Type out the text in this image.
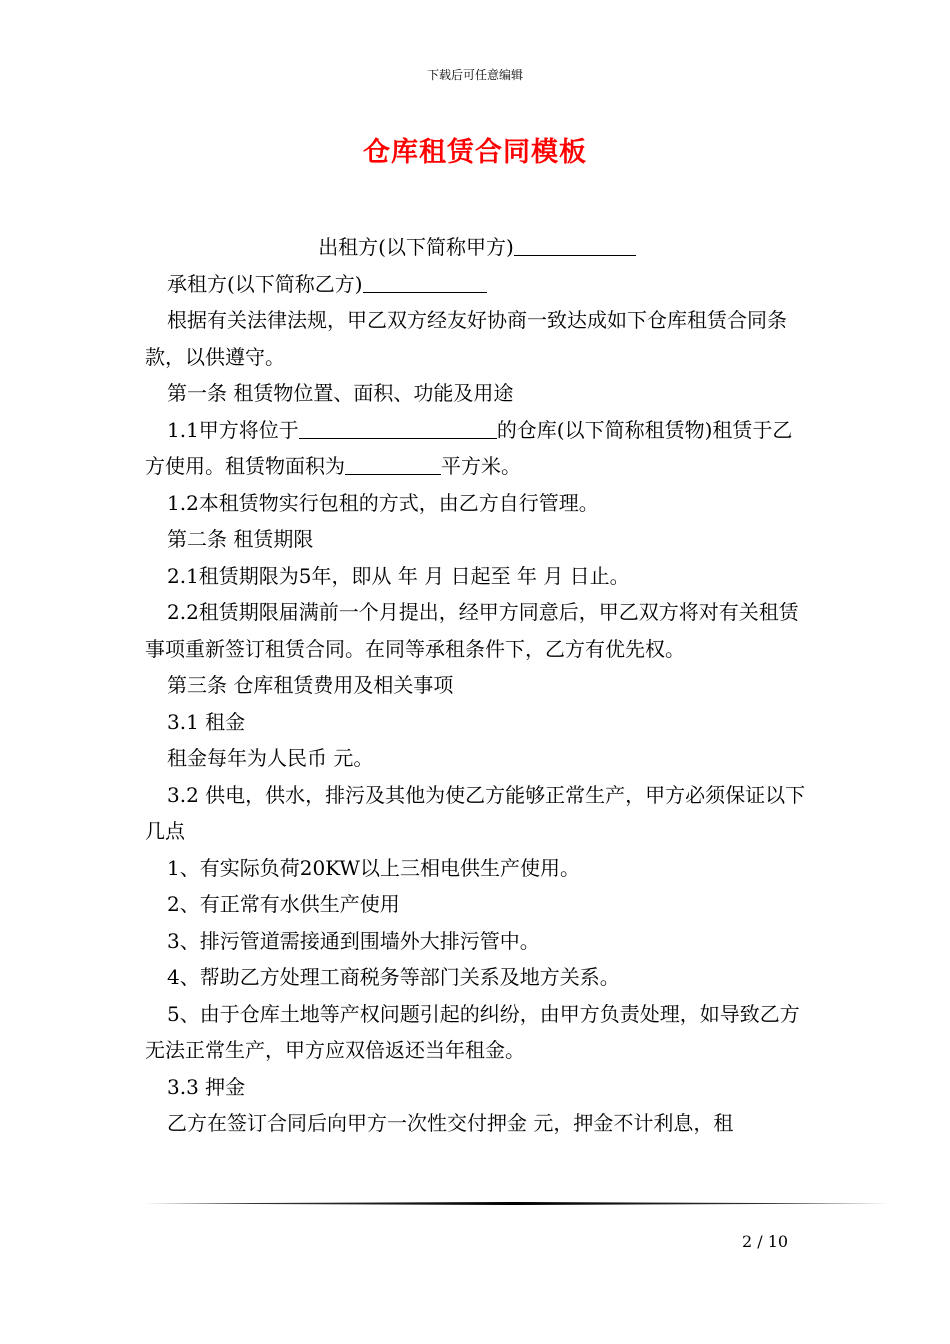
下载后可任意编辑
仓库租赁合同模板

出租方(以下简称甲方)

承租方(以下简称乙方)

根据有关法律法规，甲乙双方经友好协商一致达成如下仓库租赁合同条款，以供遵守。

第一条 租赁物位置、面积、功能及用途

1.1甲方将位于	的仓库(以下简称租赁物)租赁于乙方使用。租赁物面积为	平方米。

1.2本租赁物实行包租的方式，由乙方自行管理。

第二条 租赁期限

2.1租赁期限为5年，即从 年 月 日起至 年 月 日止。

2.2租赁期限届满前一个月提出，经甲方同意后，甲乙双方将对有关租赁事项重新签订租赁合同。在同等承租条件下，乙方有优先权。

第三条 仓库租赁费用及相关事项

3.1 租金

租金每年为人民币 元。

3.2 供电，供水，排污及其他为使乙方能够正常生产，甲方必须保证以下几点

1、有实际负荷20KW以上三相电供生产使用。

2、有正常有水供生产使用

3、排污管道需接通到围墙外大排污管中。

4、帮助乙方处理工商税务等部门关系及地方关系。

5、由于仓库土地等产权问题引起的纠纷，由甲方负责处理，如导致乙方无法正常生产，甲方应双倍返还当年租金。

3.3 押金

乙方在签订合同后向甲方一次性交付押金 元，押金不计利息，租

2 / 10
